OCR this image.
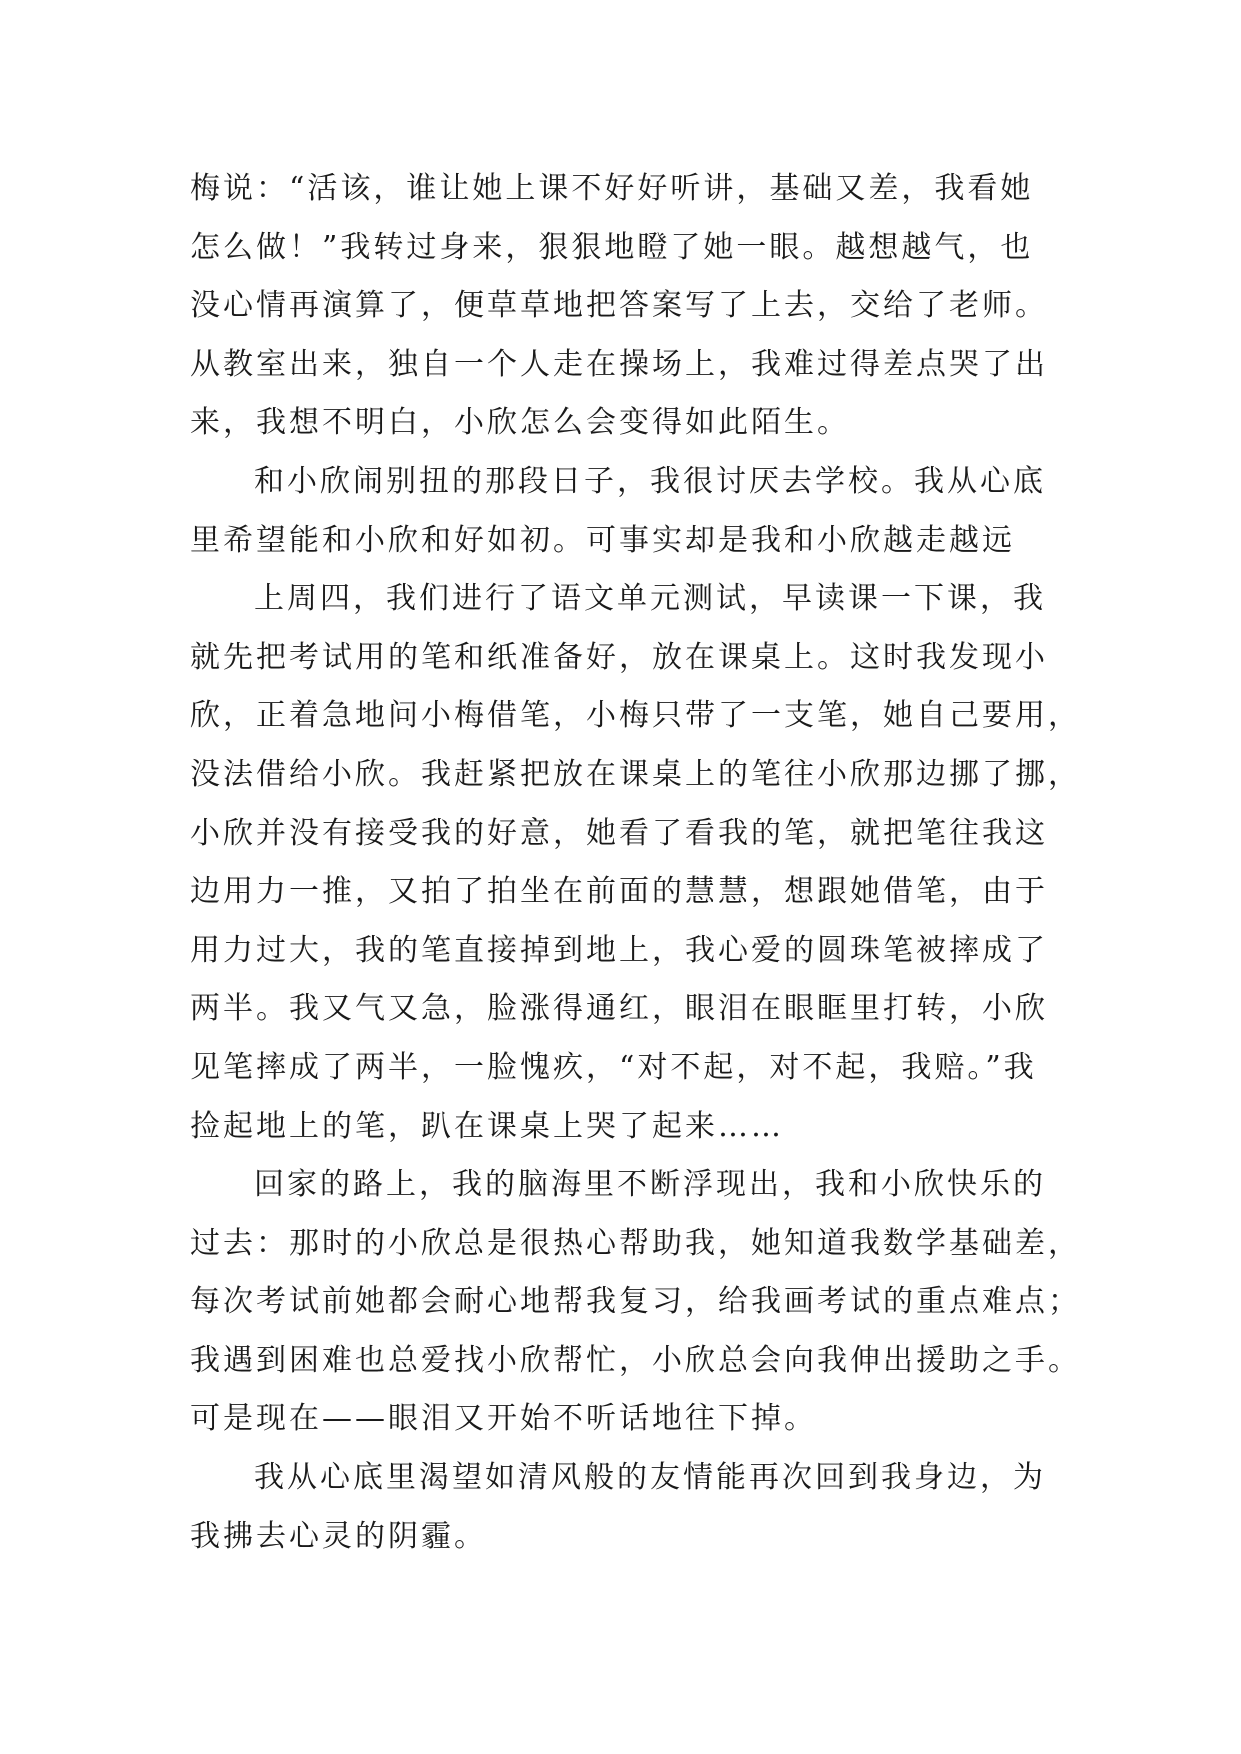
梅说：“活该，谁让她上课不好好听讲，基础又差，我看她
怎么做！”我转过身来，狠狠地瞪了她一眼。越想越气，也
没心情再演算了，便草草地把答案写了上去，交给了老师。
从教室出来，独自一个人走在操场上，我难过得差点哭了出
来，我想不明白，小欣怎么会变得如此陌生。
和小欣闹别扭的那段日子，我很讨厌去学校。我从心底
里希望能和小欣和好如初。可事实却是我和小欣越走越远
上周四，我们进行了语文单元测试，早读课一下课，我
就先把考试用的笔和纸准备好，放在课桌上。这时我发现小
欣，正着急地问小梅借笔，小梅只带了一支笔，她自己要用，
没法借给小欣。我赶紧把放在课桌上的笔往小欣那边挪了挪，
小欣并没有接受我的好意，她看了看我的笔，就把笔往我这
边用力一推，又拍了拍坐在前面的慧慧，想跟她借笔，由于
用力过大，我的笔直接掉到地上，我心爱的圆珠笔被摔成了
两半。我又气又急，脸涨得通红，眼泪在眼眶里打转，小欣
见笔摔成了两半，一脸愧疚，“对不起，对不起，我赔。”我
捡起地上的笔，趴在课桌上哭了起来……
回家的路上，我的脑海里不断浮现出，我和小欣快乐的
过去：那时的小欣总是很热心帮助我，她知道我数学基础差，
每次考试前她都会耐心地帮我复习，给我画考试的重点难点；
我遇到困难也总爱找小欣帮忙，小欣总会向我伸出援助之手。
可是现在——眼泪又开始不听话地往下掉。
我从心底里渴望如清风般的友情能再次回到我身边，为
我拂去心灵的阴霾。
